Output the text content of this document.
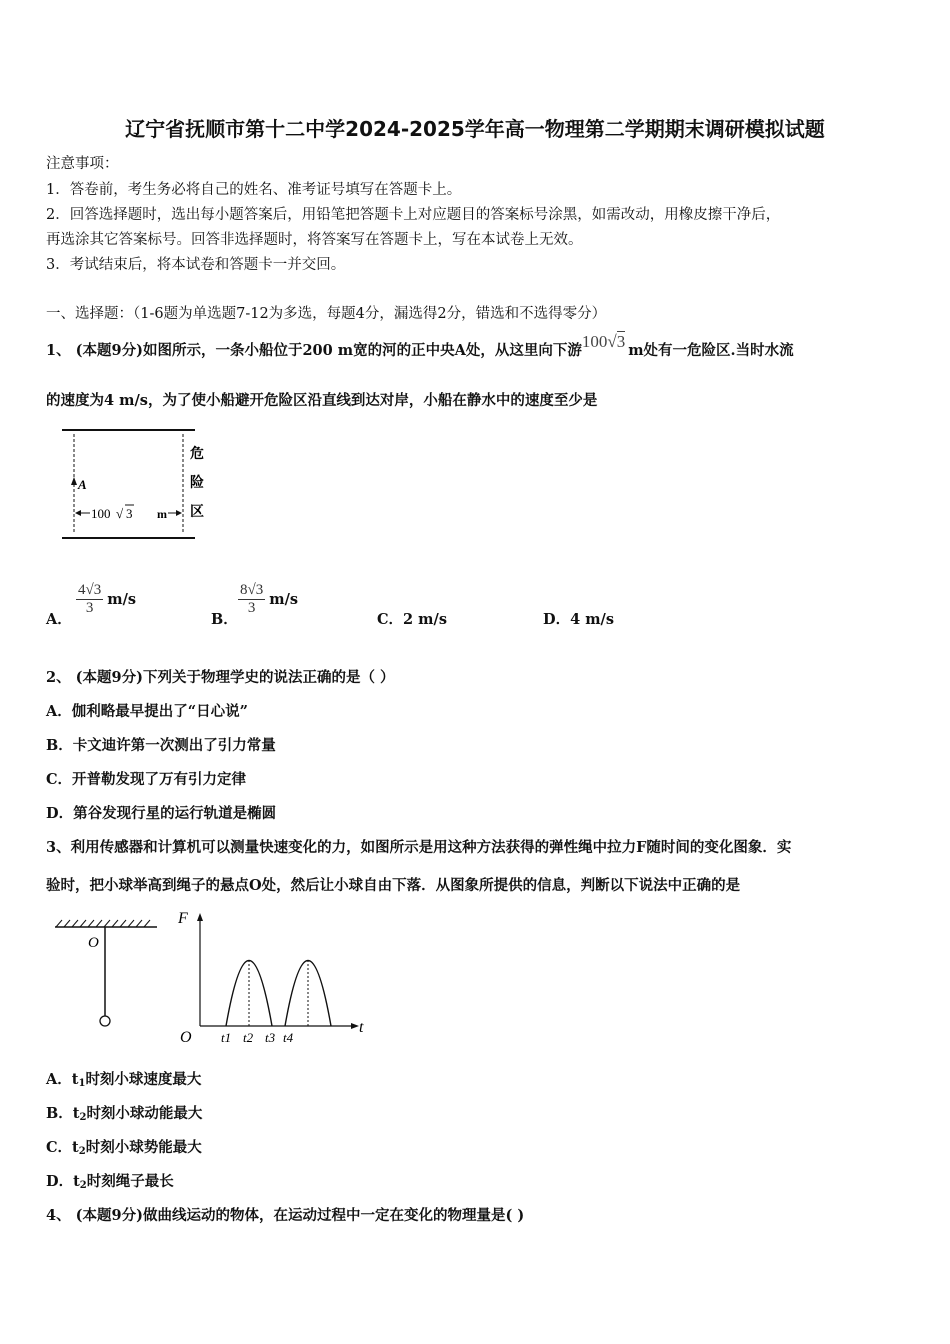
辽宁省抚顺市第十二中学2024-2025学年高一物理第二学期期末调研模拟试题
注意事项：
1．答卷前，考生务必将自己的姓名、准考证号填写在答题卡上。
2．回答选择题时，选出每小题答案后，用铅笔把答题卡上对应题目的答案标号涂黑，如需改动，用橡皮擦干净后，
再选涂其它答案标号。回答非选择题时，将答案写在答题卡上，写在本试卷上无效。
3．考试结束后，将本试卷和答题卡一并交回。
一、选择题：（1-6题为单选题7-12为多选，每题4分，漏选得2分，错选和不选得零分）
1、 (本题9分)如图所示，一条小船位于200 m宽的河的正中央A处，从这里向下游100√3 m处有一危险区.当时水流
的速度为4 m/s，为了使小船避开危险区沿直线到达对岸，小船在静水中的速度至少是
A
100 √ 3 m
危
险
区
A．
$\frac{4√3}{3} m/s$
B．
$\frac{8√3}{3} m/s$
C．2 m/s	D．4 m/s
2、 (本题9分)下列关于物理学史的说法正确的是（ ）
A．伽利略最早提出了“日心说”
B．卡文迪许第一次测出了引力常量
C．开普勒发现了万有引力定律
D．第谷发现行星的运行轨道是椭圆
3、利用传感器和计算机可以测量快速变化的力，如图所示是用这种方法获得的弹性绳中拉力F随时间的变化图象．实
验时，把小球举高到绳子的悬点O处，然后让小球自由下落．从图象所提供的信息，判断以下说法中正确的是
O
F
t
O t1 t2 t3 t4
A．$t_1$时刻小球速度最大
B．$t_2$时刻小球动能最大
C．$t_2$时刻小球势能最大
D．$t_2$时刻绳子最长
4、 (本题9分)做曲线运动的物体，在运动过程中一定在变化的物理量是( )
